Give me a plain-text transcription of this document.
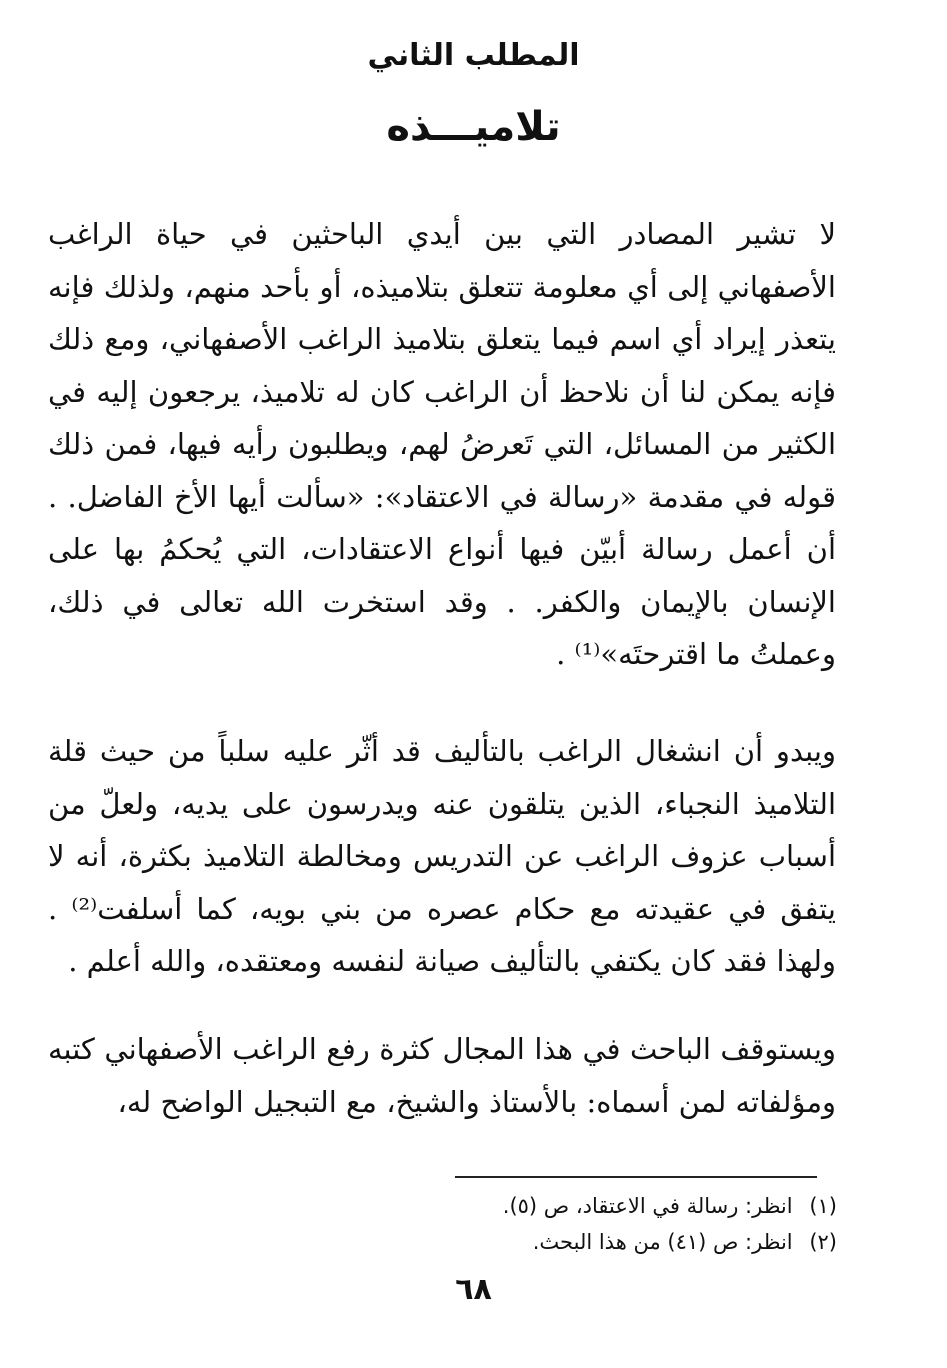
المطلب الثاني
تلاميـــذه

لا تشير المصادر التي بين أيدي الباحثين في حياة الراغب الأصفهاني إلى أي معلومة تتعلق بتلاميذه، أو بأحد منهم، ولذلك فإنه يتعذر إيراد أي اسم فيما يتعلق بتلاميذ الراغب الأصفهاني، ومع ذلك فإنه يمكن لنا أن نلاحظ أن الراغب كان له تلاميذ، يرجعون إليه في الكثير من المسائل، التي تَعرضُ لهم، ويطلبون رأيه فيها، فمن ذلك قوله في مقدمة «رسالة في الاعتقاد»: «سألت أيها الأخ الفاضل. . أن أعمل رسالة أبيّن فيها أنواع الاعتقادات، التي يُحكمُ بها على الإنسان بالإيمان والكفر. . وقد استخرت الله تعالى في ذلك، وعملتُ ما اقترحتَه»⁽¹⁾ .

ويبدو أن انشغال الراغب بالتأليف قد أثّر عليه سلباً من حيث قلة التلاميذ النجباء، الذين يتلقون عنه ويدرسون على يديه، ولعلّ من أسباب عزوف الراغب عن التدريس ومخالطة التلاميذ بكثرة، أنه لا يتفق في عقيدته مع حكام عصره من بني بويه، كما أسلفت⁽²⁾ . ولهذا فقد كان يكتفي بالتأليف صيانة لنفسه ومعتقده، والله أعلم .

ويستوقف الباحث في هذا المجال كثرة رفع الراغب الأصفهاني كتبه ومؤلفاته لمن أسماه: بالأستاذ والشيخ، مع التبجيل الواضح له،

(١) انظر: رسالة في الاعتقاد، ص (٥).
(٢) انظر: ص (٤١) من هذا البحث.
٦٨
